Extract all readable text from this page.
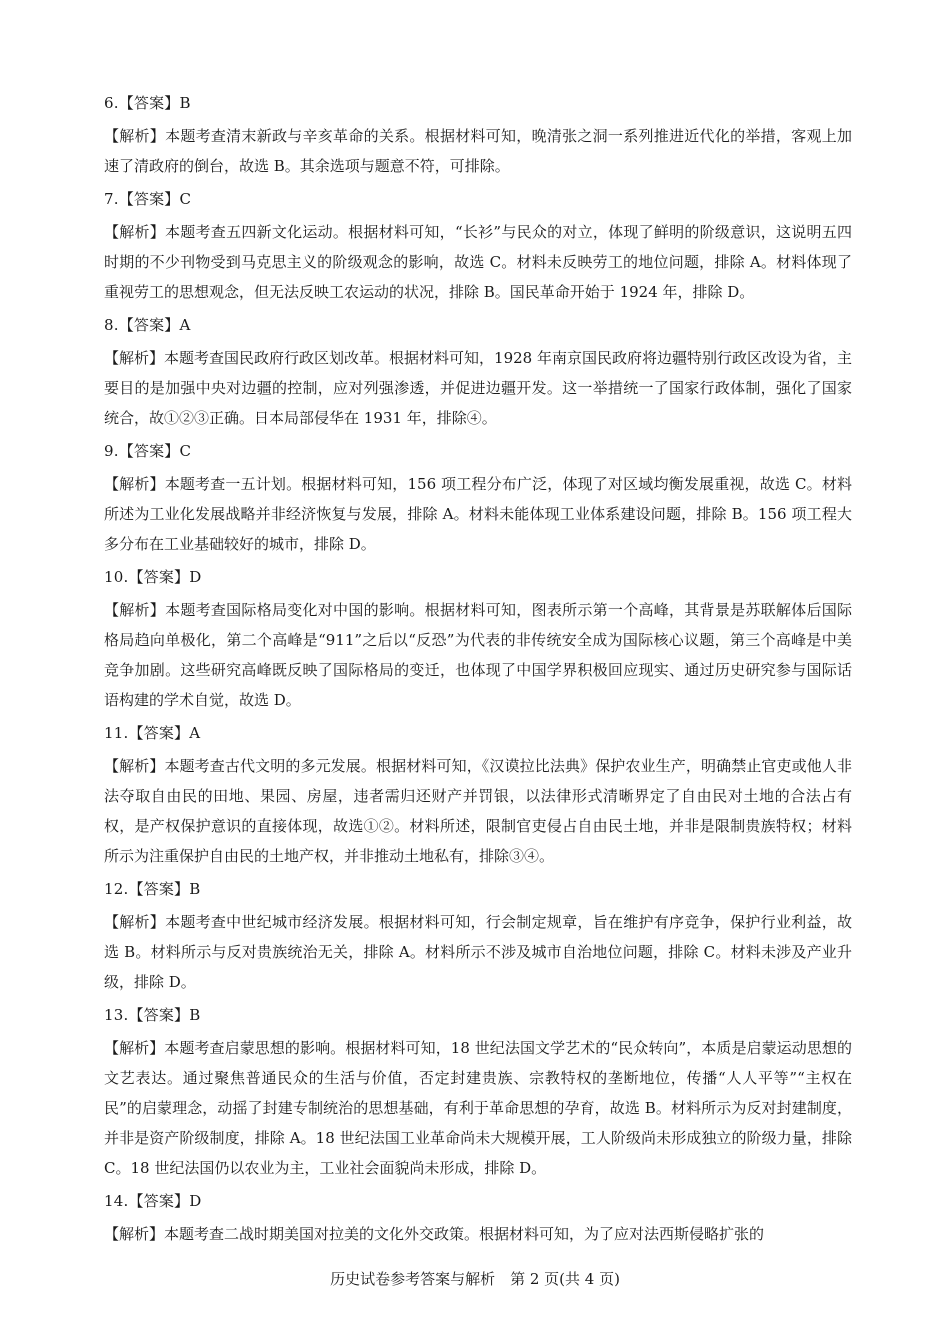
6.【答案】B

【解析】本题考查清末新政与辛亥革命的关系。根据材料可知，晚清张之洞一系列推进近代化的举措，客观上加速了清政府的倒台，故选 B。其余选项与题意不符，可排除。

7.【答案】C

【解析】本题考查五四新文化运动。根据材料可知，“长衫”与民众的对立，体现了鲜明的阶级意识，这说明五四时期的不少刊物受到马克思主义的阶级观念的影响，故选 C。材料未反映劳工的地位问题，排除 A。材料体现了重视劳工的思想观念，但无法反映工农运动的状况，排除 B。国民革命开始于 1924 年，排除 D。

8.【答案】A

【解析】本题考查国民政府行政区划改革。根据材料可知，1928 年南京国民政府将边疆特别行政区改设为省，主要目的是加强中央对边疆的控制，应对列强渗透，并促进边疆开发。这一举措统一了国家行政体制，强化了国家统合，故①②③正确。日本局部侵华在 1931 年，排除④。

9.【答案】C

【解析】本题考查一五计划。根据材料可知，156 项工程分布广泛，体现了对区域均衡发展重视，故选 C。材料所述为工业化发展战略并非经济恢复与发展，排除 A。材料未能体现工业体系建设问题，排除 B。156 项工程大多分布在工业基础较好的城市，排除 D。

10.【答案】D

【解析】本题考查国际格局变化对中国的影响。根据材料可知，图表所示第一个高峰，其背景是苏联解体后国际格局趋向单极化，第二个高峰是“911”之后以“反恐”为代表的非传统安全成为国际核心议题，第三个高峰是中美竞争加剧。这些研究高峰既反映了国际格局的变迁，也体现了中国学界积极回应现实、通过历史研究参与国际话语构建的学术自觉，故选 D。

11.【答案】A

【解析】本题考查古代文明的多元发展。根据材料可知，《汉谟拉比法典》保护农业生产，明确禁止官吏或他人非法夺取自由民的田地、果园、房屋，违者需归还财产并罚银，以法律形式清晰界定了自由民对土地的合法占有权，是产权保护意识的直接体现，故选①②。材料所述，限制官吏侵占自由民土地，并非是限制贵族特权；材料所示为注重保护自由民的土地产权，并非推动土地私有，排除③④。

12.【答案】B

【解析】本题考查中世纪城市经济发展。根据材料可知，行会制定规章，旨在维护有序竞争，保护行业利益，故选 B。材料所示与反对贵族统治无关，排除 A。材料所示不涉及城市自治地位问题，排除 C。材料未涉及产业升级，排除 D。

13.【答案】B

【解析】本题考查启蒙思想的影响。根据材料可知，18 世纪法国文学艺术的“民众转向”，本质是启蒙运动思想的文艺表达。通过聚焦普通民众的生活与价值，否定封建贵族、宗教特权的垄断地位，传播“人人平等”“主权在民”的启蒙理念，动摇了封建专制统治的思想基础，有利于革命思想的孕育，故选 B。材料所示为反对封建制度，并非是资产阶级制度，排除 A。18 世纪法国工业革命尚未大规模开展，工人阶级尚未形成独立的阶级力量，排除 C。18 世纪法国仍以农业为主，工业社会面貌尚未形成，排除 D。

14.【答案】D

【解析】本题考查二战时期美国对拉美的文化外交政策。根据材料可知，为了应对法西斯侵略扩张的

历史试卷参考答案与解析　第 2 页(共 4 页)
